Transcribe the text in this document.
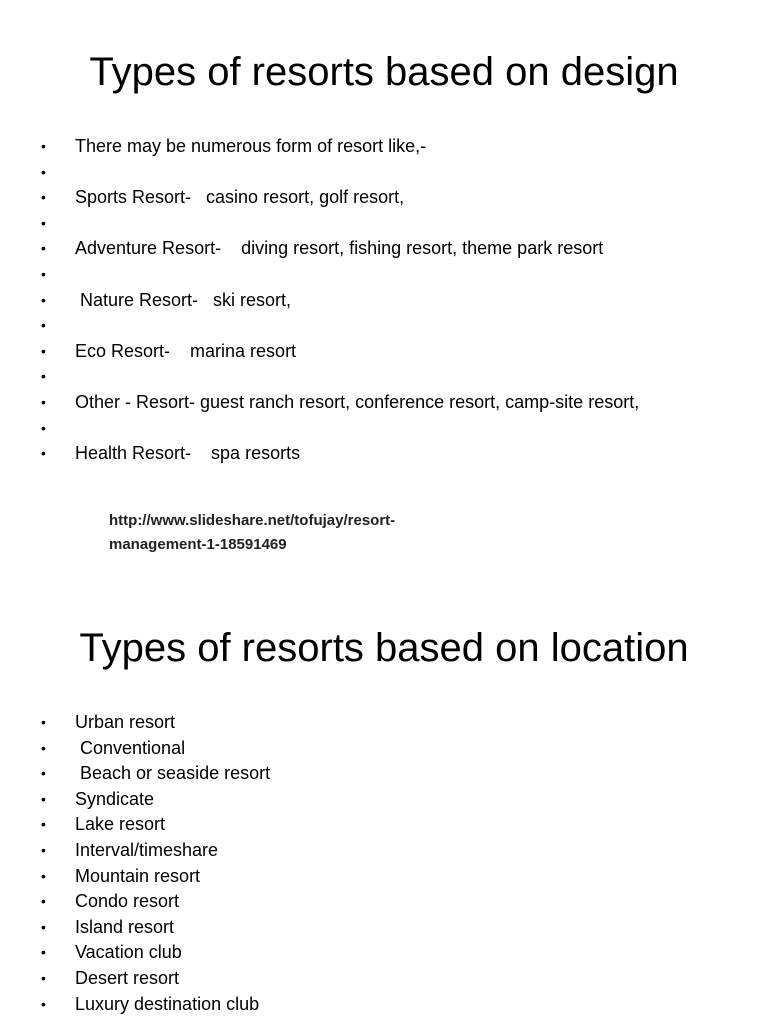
Types of resorts based on design
• There may be numerous form of resort like,-
•
• Sports Resort-   casino resort, golf resort,
•
• Adventure Resort-    diving resort, fishing resort, theme park resort
•
• Nature Resort-   ski resort,
•
• Eco Resort-    marina resort
•
• Other - Resort- guest ranch resort, conference resort, camp-site resort,
•
• Health Resort-    spa resorts
http://www.slideshare.net/tofujay/resort-
management-1-18591469
Types of resorts based on location
• Urban resort
• Conventional
• Beach or seaside resort
• Syndicate
• Lake resort
• Interval/timeshare
• Mountain resort
• Condo resort
• Island resort
• Vacation club
• Desert resort
• Luxury destination club
